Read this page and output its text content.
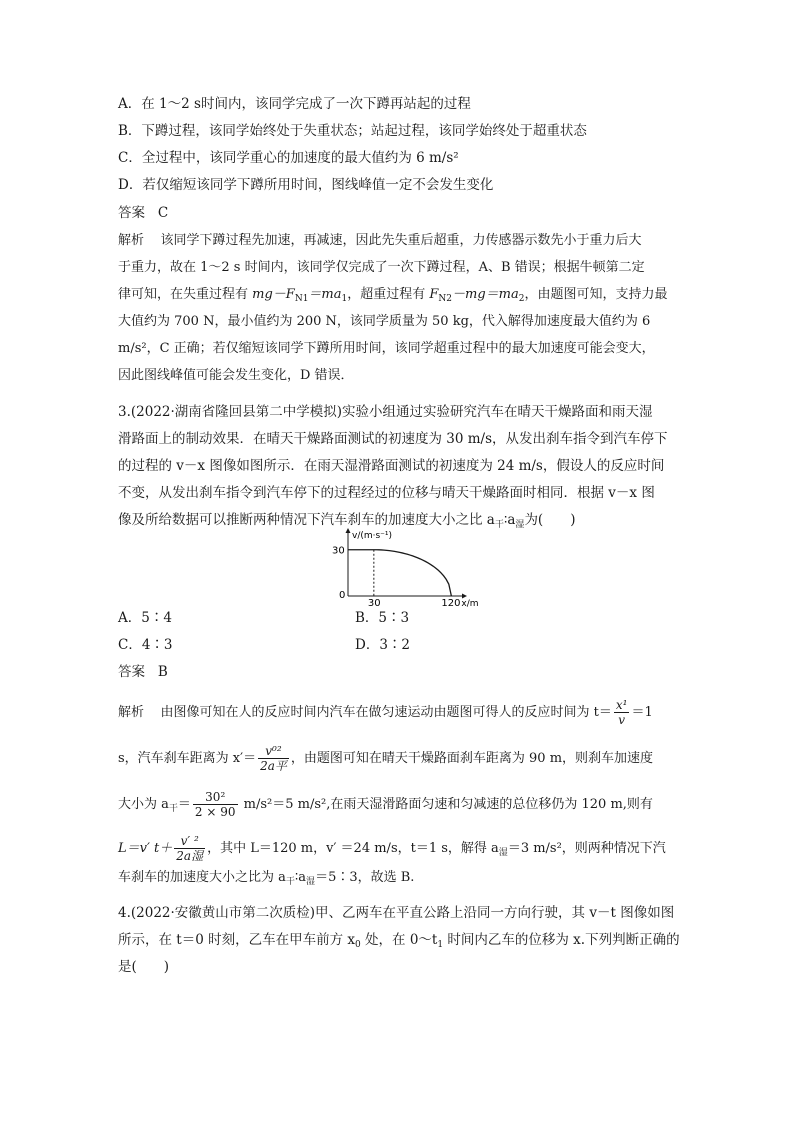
A．在 1～2 s时间内，该同学完成了一次下蹲再站起的过程
B．下蹲过程，该同学始终处于失重状态；站起过程，该同学始终处于超重状态
C．全过程中，该同学重心的加速度的最大值约为 6 m/s²
D．若仅缩短该同学下蹲所用时间，图线峰值一定不会发生变化
答案 C
解析 该同学下蹲过程先加速，再减速，因此先失重后超重，力传感器示数先小于重力后大
于重力，故在 1～2 s 时间内，该同学仅完成了一次下蹲过程，A、B 错误；根据牛顿第二定
律可知，在失重过程有 $mg-F_{N1}=ma_1$，超重过程有 $F_{N2}-mg=ma_2$，由题图可知，支持力最
大值约为 700 N，最小值约为 200 N，该同学质量为 50 kg，代入解得加速度最大值约为 6
m/s²，C 正确；若仅缩短该同学下蹲所用时间，该同学超重过程中的最大加速度可能会变大，
因此图线峰值可能会发生变化，D 错误．
3.(2022·湖南省隆回县第二中学模拟)实验小组通过实验研究汽车在晴天干燥路面和雨天湿
滑路面上的制动效果．在晴天干燥路面测试的初速度为 30 m/s，从发出刹车指令到汽车停下
的过程的 v－x 图像如图所示．在雨天湿滑路面测试的初速度为 24 m/s，假设人的反应时间
不变，从发出刹车指令到汽车停下的过程经过的位移与晴天干燥路面时相同．根据 v－x 图
像及所给数据可以推断两种情况下汽车刹车的加速度大小之比 $a_干∶a_湿$为(　　)
v/(m·s⁻¹)
30
0
30	120 x/m
A．5∶4	B．5∶3
C．4∶3	D．3∶2
答案 B
解析 由图像可知在人的反应时间内汽车在做匀速运动由题图可得人的反应时间为 $t= \frac{\text{x¹}}{v} =1$
s，汽车刹车距离为 $x'= \frac{\text{v⁰²}}{\text{2a平}}$ ，由题图可知在晴天干燥路面刹车距离为 90 m，则刹车加速度
大小为 $a_干= \frac{\text{30²}}{2 \times 90} m/s^2=5$ m/s²,在雨天湿滑路面匀速和匀减速的总位移仍为 120 m,则有
L＝v′ $t+ \frac{\text{v′ ²}}{\text{2a湿}}$ ，其中 L＝120 m，v′ ＝24 m/s，t＝1 s，解得 $a_湿=3$ m/s²，则两种情况下汽
车刹车的加速度大小之比为 $a_干∶a_湿=5∶3$，故选 B.
4.(2022·安徽黄山市第二次质检)甲、乙两车在平直公路上沿同一方向行驶，其 v－t 图像如图
所示，在 t＝0 时刻，乙车在甲车前方 $x_0$ 处，在 $0\sim t_1$ 时间内乙车的位移为 x.下列判断正确的
是(　　)
